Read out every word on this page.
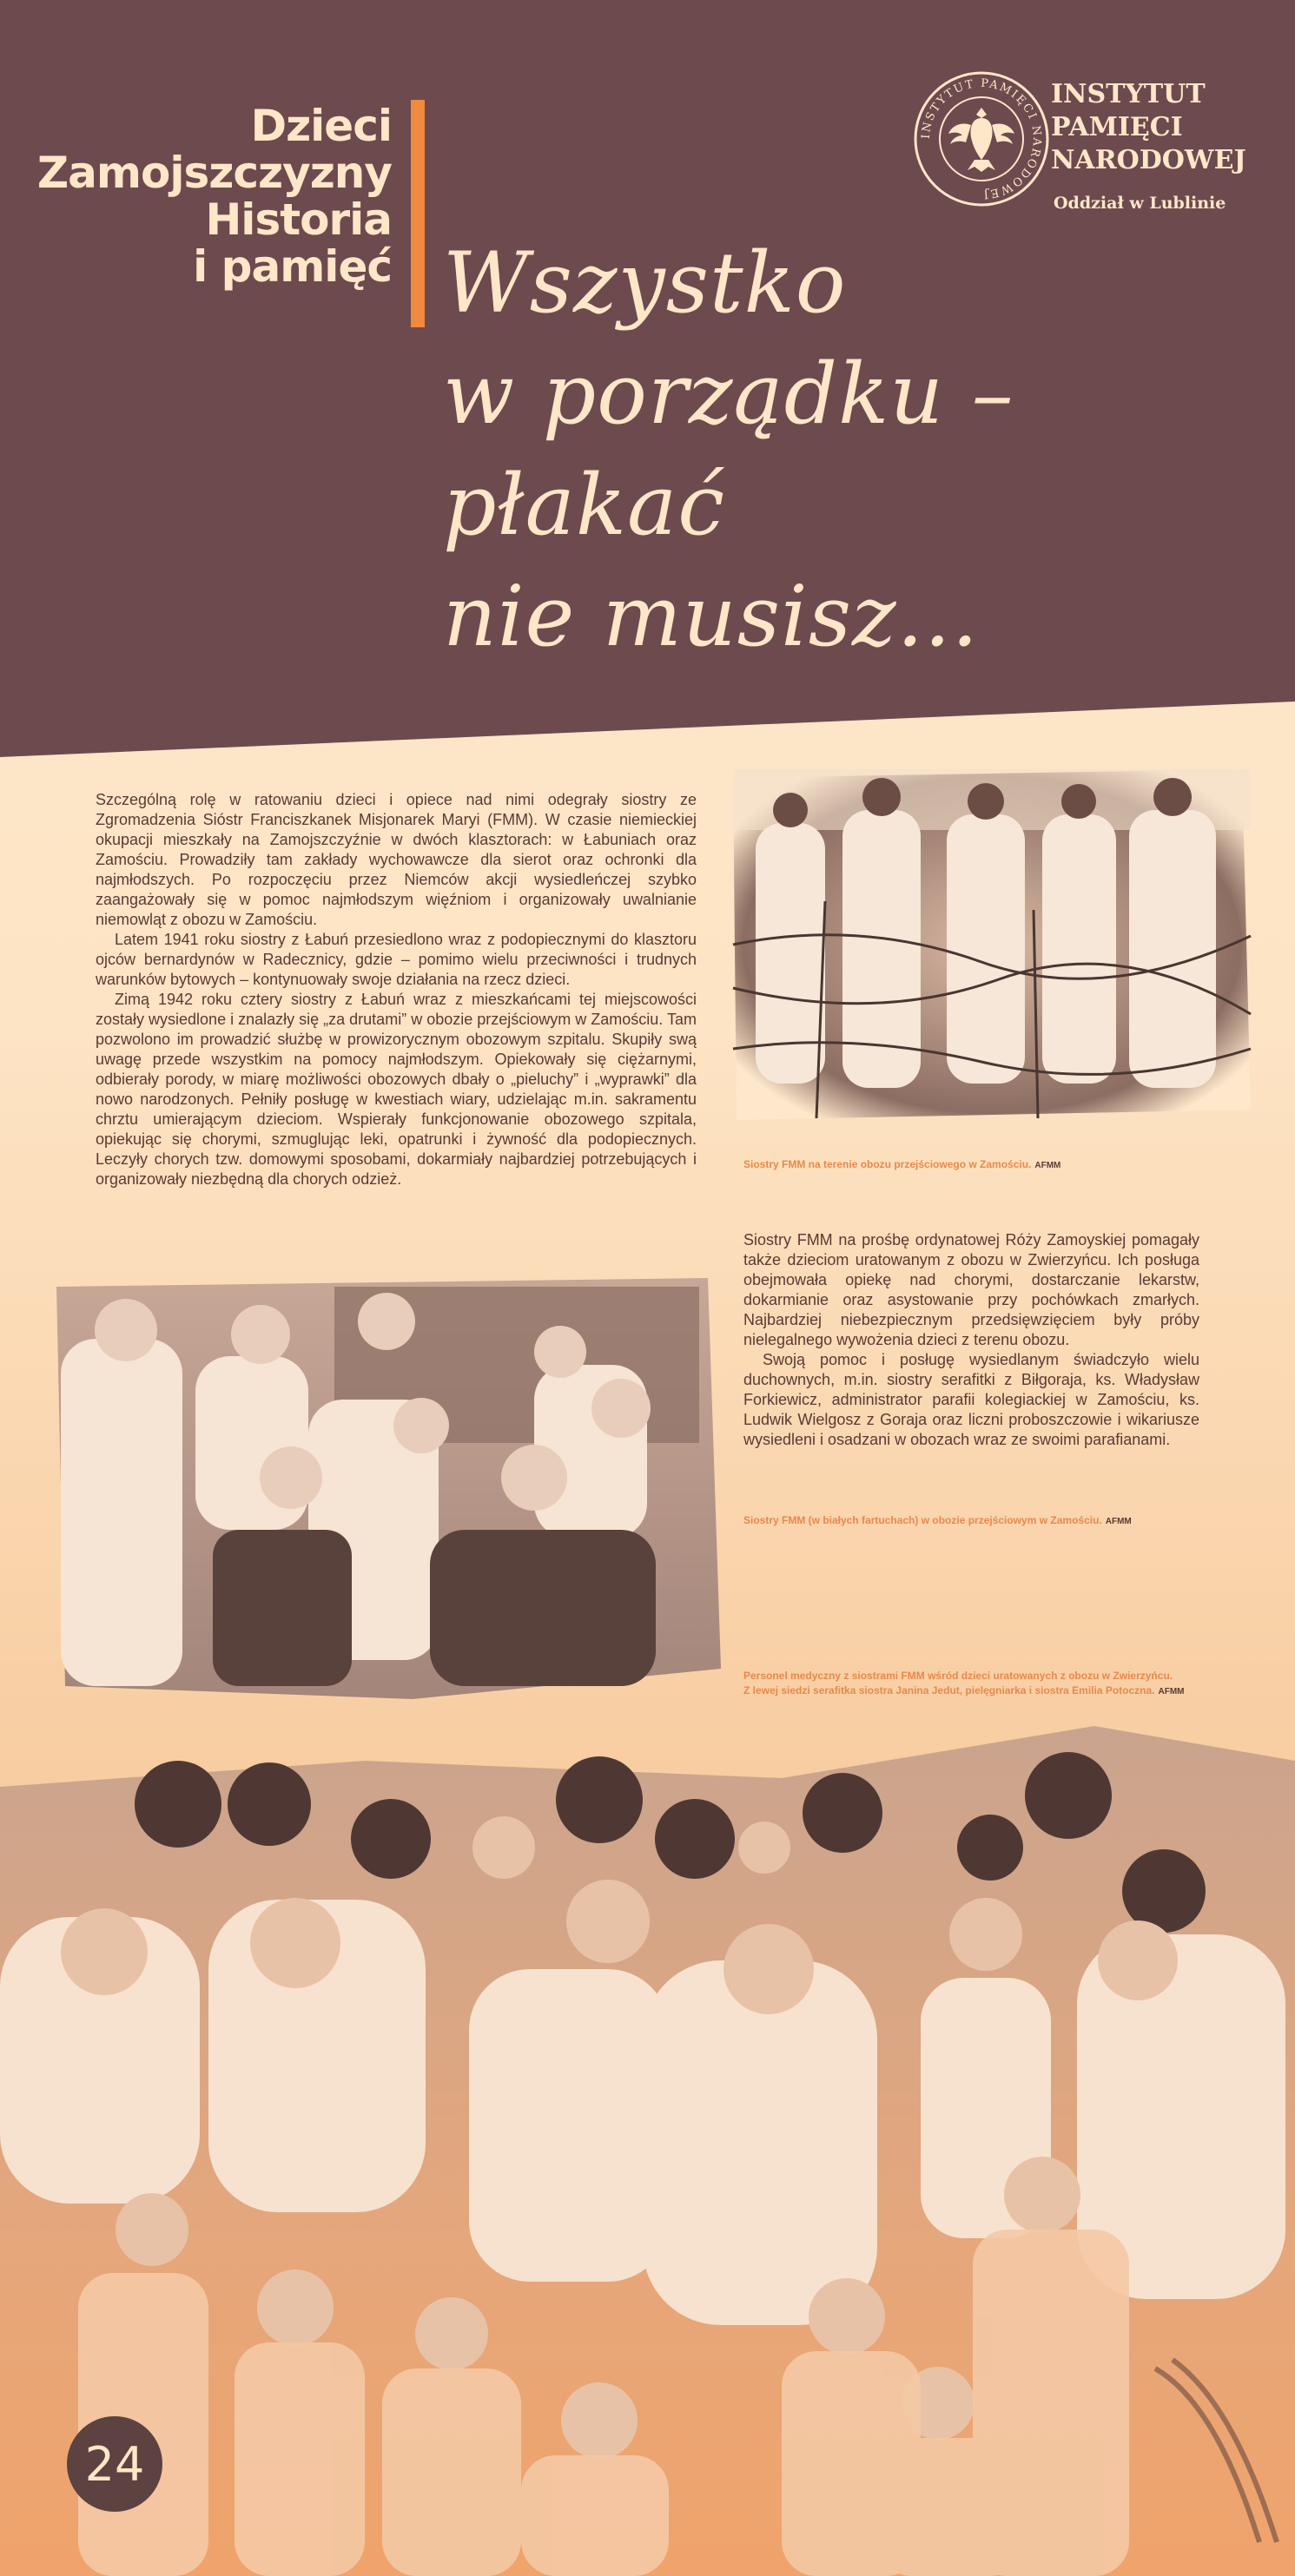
Dzieci
Zamojszczyzny
Historia
i pamięć Wszystko
w porządku –
płakać
nie musisz...
INSTYTUT PAMIĘCI NARODOWEJ
INSTYTUT
PAMIĘCI
NARODOWEJ
Oddział w Lublinie

Szczególną rolę w ratowaniu dzieci i opiece nad nimi odegrały siostry ze Zgromadzenia Sióstr Franciszkanek Misjonarek Maryi (FMM). W czasie niemieckiej okupacji mieszkały na Zamojszczyźnie w dwóch klasztorach: w Łabuniach oraz Zamościu. Prowadziły tam zakłady wychowawcze dla sierot oraz ochronki dla najmłodszych. Po rozpoczęciu przez Niemców akcji wysiedleńczej szybko zaangażowały się w pomoc najmłodszym więźniom i organizowały uwalnianie niemowląt z obozu w Zamościu.

Latem 1941 roku siostry z Łabuń przesiedlono wraz z podopiecznymi do klasztoru ojców bernardynów w Radecznicy, gdzie – pomimo wielu przeciwności i trudnych warunków bytowych – kontynuowały swoje działania na rzecz dzieci.

Zimą 1942 roku cztery siostry z Łabuń wraz z mieszkańcami tej miejscowości zostały wysiedlone i znalazły się „za drutami” w obozie przejściowym w Zamościu. Tam pozwolono im prowadzić służbę w prowizorycznym obozowym szpitalu. Skupiły swą uwagę przede wszystkim na pomocy najmłodszym. Opiekowały się ciężarnymi, odbierały porody, w miarę możliwości obozowych dbały o „pieluchy” i „wyprawki” dla nowo narodzonych. Pełniły posługę w kwestiach wiary, udzielając m.in. sakramentu chrztu umierającym dzieciom. Wspierały funkcjonowanie obozowego szpitala, opiekując się chorymi, szmuglując leki, opatrunki i żywność dla podopiecznych. Leczyły chorych tzw. domowymi sposobami, dokarmiały najbardziej potrzebujących i organizowały niezbędną dla chorych odzież.

Siostry FMM na terenie obozu przejściowego w Zamościu. AFMM

Siostry FMM na prośbę ordynatowej Róży Zamoyskiej pomagały także dzieciom uratowanym z obozu w Zwierzyńcu. Ich posługa obejmowała opiekę nad chorymi, dostarczanie lekarstw, dokarmianie oraz asystowanie przy pochówkach zmarłych. Najbardziej niebezpiecznym przedsięwzięciem były próby nielegalnego wywożenia dzieci z terenu obozu.

Swoją pomoc i posługę wysiedlanym świadczyło wielu duchownych, m.in. siostry serafitki z Biłgoraja, ks. Władysław Forkiewicz, administrator parafii kolegiackiej w Zamościu, ks. Ludwik Wielgosz z Goraja oraz liczni proboszczowie i wikariusze wysiedleni i osadzani w obozach wraz ze swoimi parafianami.

Siostry FMM (w białych fartuchach) w obozie przejściowym w Zamościu. AFMM
Personel medyczny z siostrami FMM wśród dzieci uratowanych z obozu w Zwierzyńcu.
Z lewej siedzi serafitka siostra Janina Jedut, pielęgniarka i siostra Emilia Potoczna. AFMM
24
